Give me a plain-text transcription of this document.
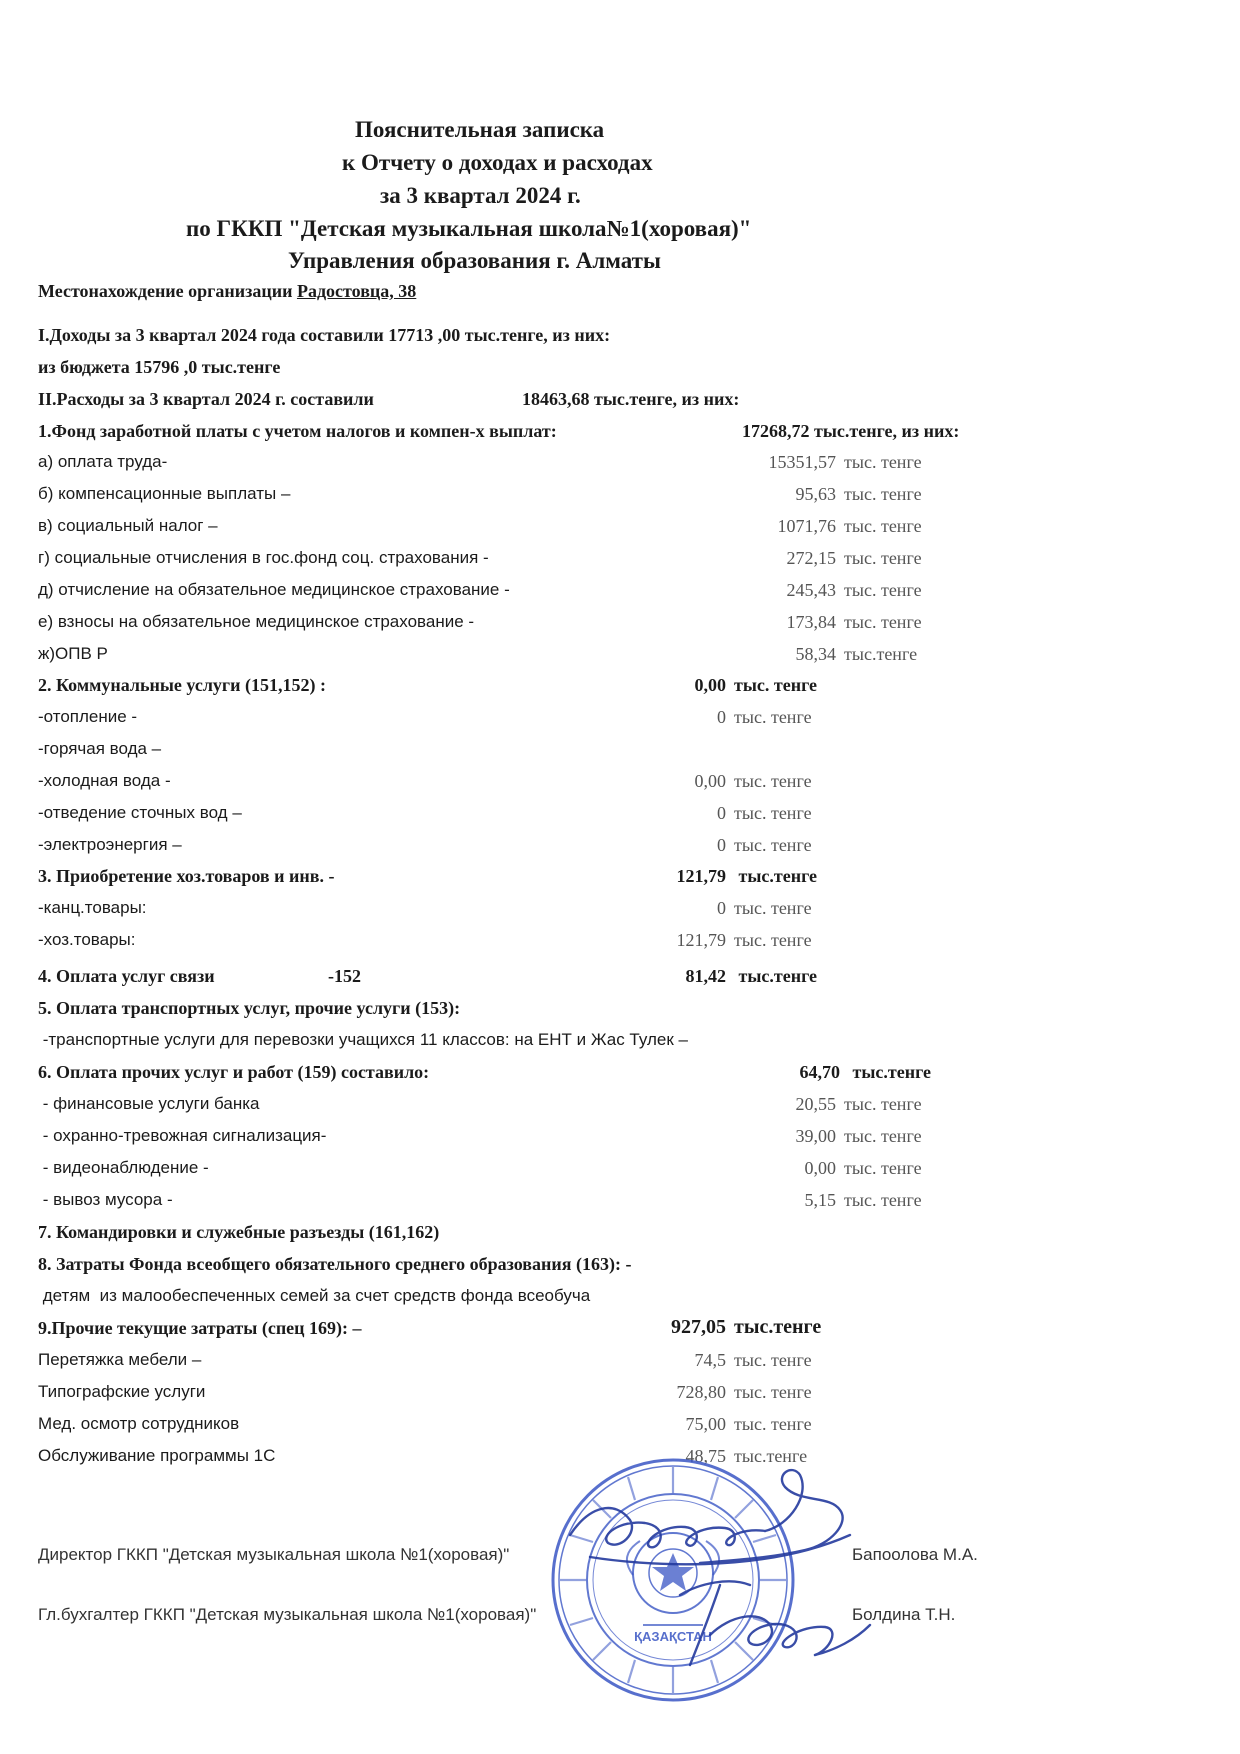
Пояснительная записка
к Отчету о доходах и расходах
за 3 квартал 2024 г.
по ГККП "Детская музыкальная школа№1(хоровая)"
Управления образования г. Алматы
Местонахождение организации Радостовца, 38
I.Доходы за 3 квартал 2024 года составили 17713 ,00 тыс.тенге, из них:
из бюджета 15796 ,0 тыс.тенге
II.Расходы за 3 квартал 2024 г. составили	18463,68 тыс.тенге, из них:
1.Фонд заработной платы с учетом налогов и компен-х выплат:	17268,72 тыс.тенге, из них:
а) оплата труда-	15351,57 тыс. тенге
б) компенсационные выплаты –	95,63 тыс. тенге
в) социальный налог –	1071,76 тыс. тенге
г) социальные отчисления в гос.фонд соц. страхования -	272,15 тыс. тенге
д) отчисление на обязательное медицинское страхование -	245,43 тыс. тенге
е) взносы на обязательное медицинское страхование -	173,84 тыс. тенге
ж)ОПВ Р	58,34 тыс.тенге
2. Коммунальные услуги (151,152) :	0,00 тыс. тенге
-отопление -	0 тыс. тенге
-горячая вода –
-холодная вода -	0,00 тыс. тенге
-отведение сточных вод –	0 тыс. тенге
-электроэнергия –	0 тыс. тенге
3. Приобретение хоз.товаров и инв. -	121,79 тыс.тенге
-канц.товары:	0 тыс. тенге
-хоз.товары:	121,79 тыс. тенге
4. Оплата услуг связи	-152	81,42 тыс.тенге
5. Оплата транспортных услуг, прочие услуги (153):
-транспортные услуги для перевозки учащихся 11 классов: на ЕНТ и Жас Тулек –
6. Оплата прочих услуг и работ (159) составило:	64,70 тыс.тенге
- финансовые услуги банка	20,55 тыс. тенге
- охранно-тревожная сигнализация-	39,00 тыс. тенге
- видеонаблюдение -	0,00 тыс. тенге
- вывоз мусора -	5,15 тыс. тенге
7. Командировки и служебные разъезды (161,162)
8. Затраты Фонда всеобщего обязательного среднего образования (163): -
детям  из малообеспеченных семей за счет средств фонда всеобуча
9.Прочие текущие затраты (спец 169): –	927,05 тыс.тенге
Перетяжка мебели –	74,5 тыс. тенге
Типографские услуги	728,80 тыс. тенге
Мед. осмотр сотрудников	75,00 тыс. тенге
Обслуживание программы 1С	48,75 тыс.тенге
ҚАЗАҚСТАН
Директор ГККП "Детская музыкальная школа №1(хоровая)"	Бапоолова М.А.
Гл.бухгалтер ГККП "Детская музыкальная школа №1(хоровая)"	Болдина Т.Н.
